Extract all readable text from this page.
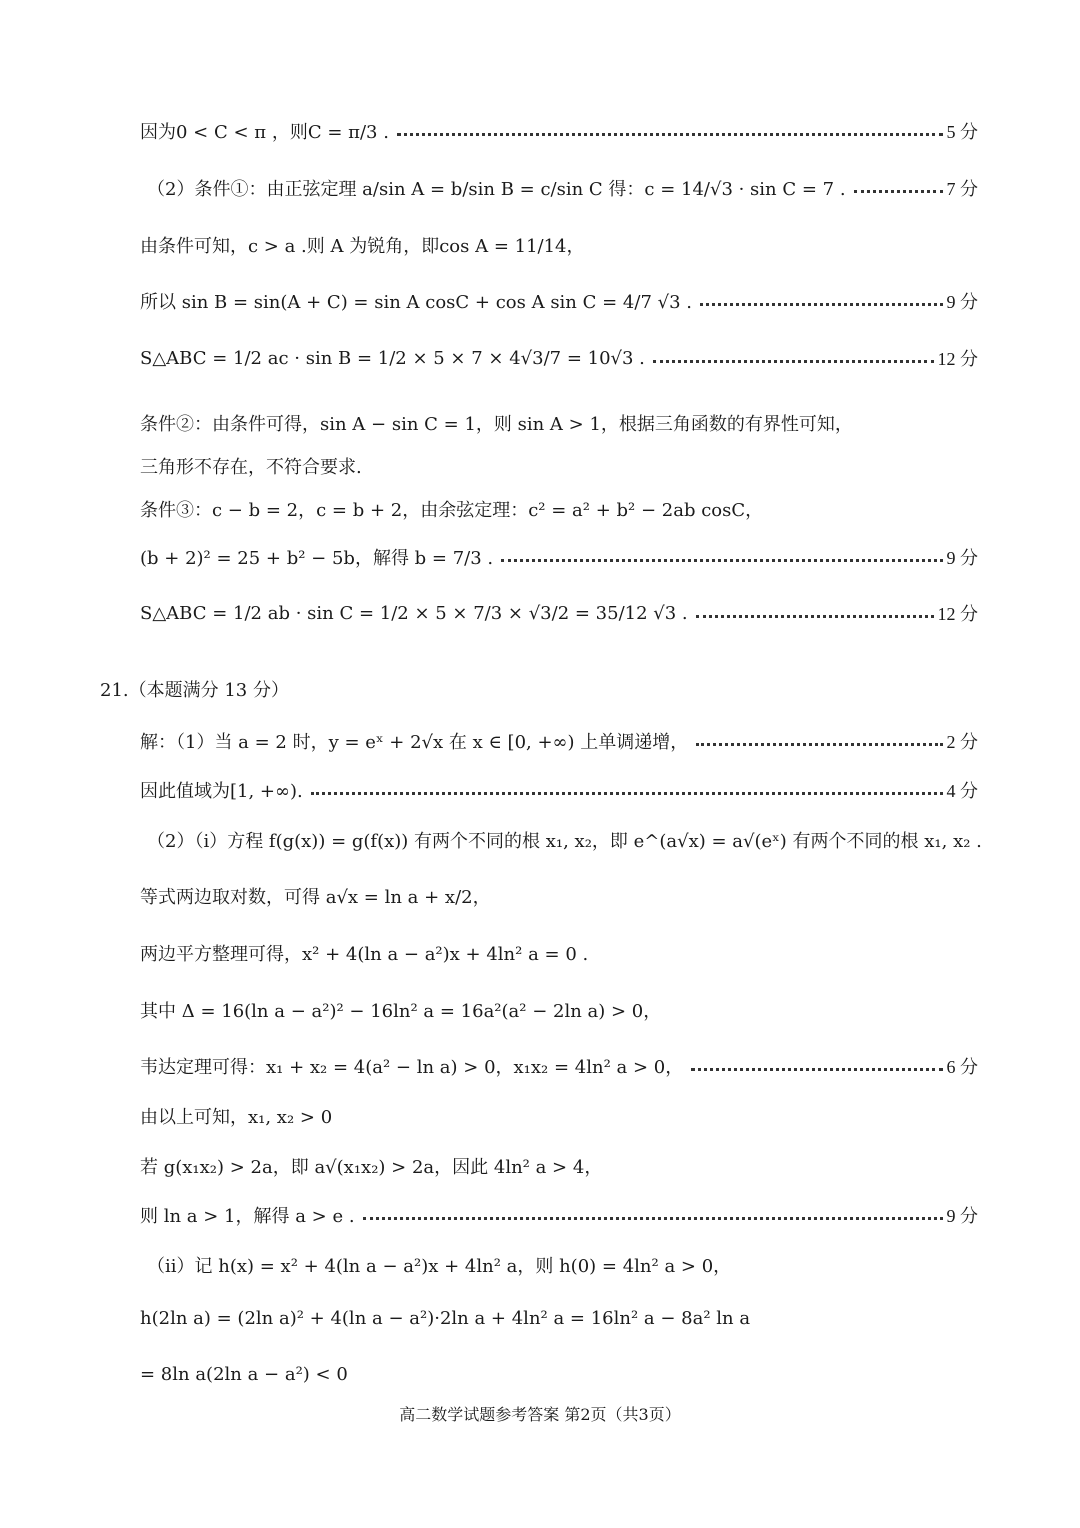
因为0 < C < π ，则C = π/3 .	5 分
（2）条件①：由正弦定理 a/sin A = b/sin B = c/sin C 得：c = 14/√3 · sin C = 7 .	7 分
由条件可知，c > a .则 A 为锐角，即cos A = 11/14，
所以 sin B = sin(A + C) = sin A cosC + cos A sin C = 4/7 √3 .	9 分
S△ABC = 1/2 ac · sin B = 1/2 × 5 × 7 × 4√3/7 = 10√3 .	12 分
条件②：由条件可得，sin A − sin C = 1，则 sin A > 1，根据三角函数的有界性可知，
三角形不存在，不符合要求.
条件③：c − b = 2，c = b + 2，由余弦定理：c² = a² + b² − 2ab cosC，
(b + 2)² = 25 + b² − 5b，解得 b = 7/3 .	9 分
S△ABC = 1/2 ab · sin C = 1/2 × 5 × 7/3 × √3/2 = 35/12 √3 .	12 分
21.（本题满分 13 分）
解：（1）当 a = 2 时，y = eˣ + 2√x 在 x ∈ [0, +∞) 上单调递增，	2 分
因此值域为[1, +∞).	4 分
（2）（i）方程 f(g(x)) = g(f(x)) 有两个不同的根 x₁, x₂，即 e^(a√x) = a√(eˣ) 有两个不同的根 x₁, x₂ .
等式两边取对数，可得 a√x = ln a + x/2，
两边平方整理可得，x² + 4(ln a − a²)x + 4ln² a = 0 .
其中 Δ = 16(ln a − a²)² − 16ln² a = 16a²(a² − 2ln a) > 0，
韦达定理可得：x₁ + x₂ = 4(a² − ln a) > 0，x₁x₂ = 4ln² a > 0，	6 分
由以上可知，x₁, x₂ > 0
若 g(x₁x₂) > 2a，即 a√(x₁x₂) > 2a，因此 4ln² a > 4，
则 ln a > 1，解得 a > e .	9 分
（ii）记 h(x) = x² + 4(ln a − a²)x + 4ln² a，则 h(0) = 4ln² a > 0，
h(2ln a) = (2ln a)² + 4(ln a − a²)·2ln a + 4ln² a = 16ln² a − 8a² ln a
= 8ln a(2ln a − a²) < 0
高二数学试题参考答案 第2页（共3页）
